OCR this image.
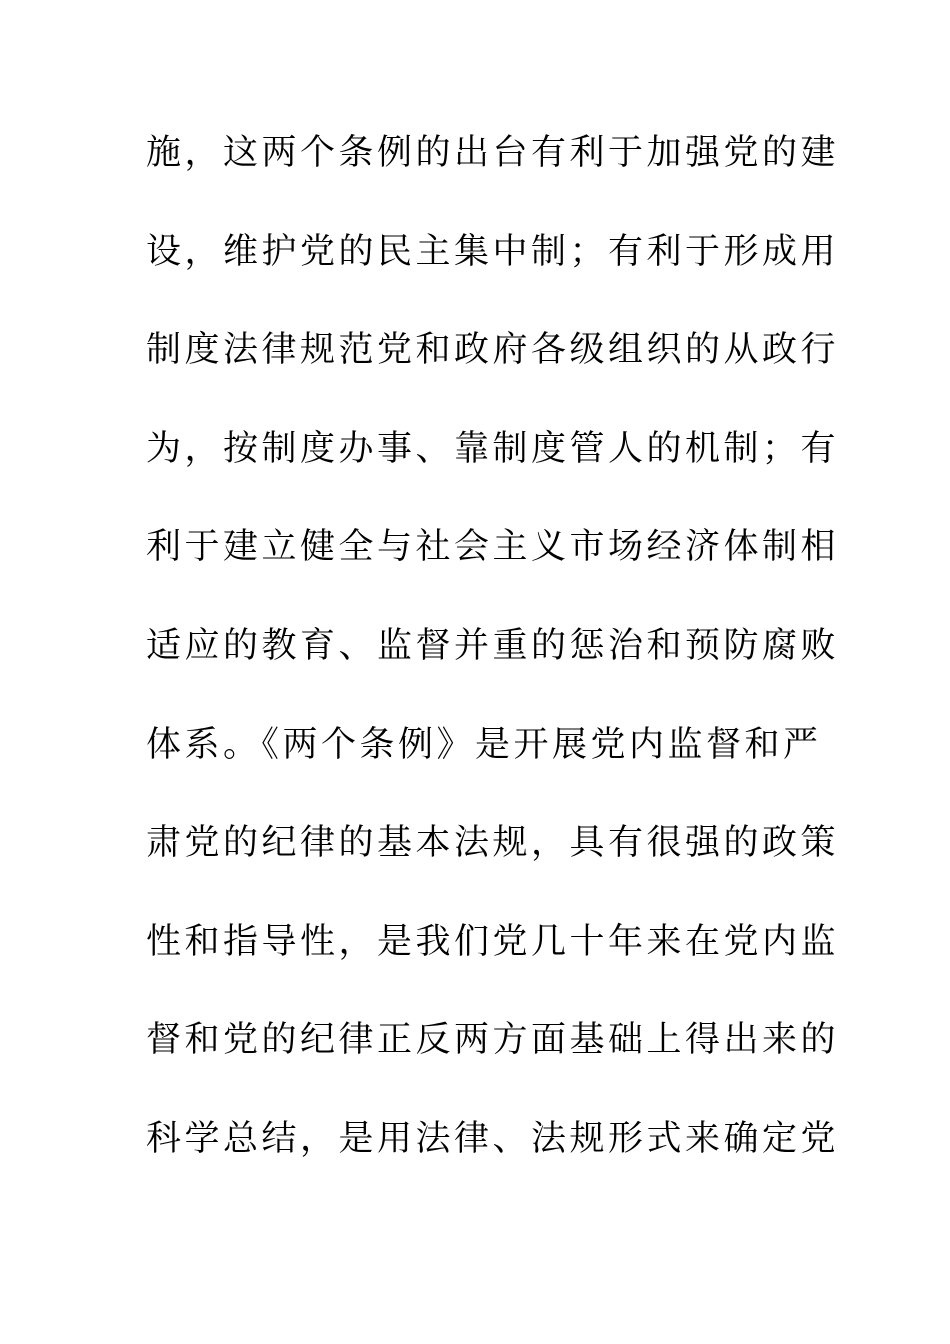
施，这两个条例的出台有利于加强党的建
设，维护党的民主集中制；有利于形成用
制度法律规范党和政府各级组织的从政行
为，按制度办事、靠制度管人的机制；有
利于建立健全与社会主义市场经济体制相
适应的教育、监督并重的惩治和预防腐败
体系。《两个条例》是开展党内监督和严
肃党的纪律的基本法规，具有很强的政策
性和指导性，是我们党几十年来在党内监
督和党的纪律正反两方面基础上得出来的
科学总结，是用法律、法规形式来确定党
